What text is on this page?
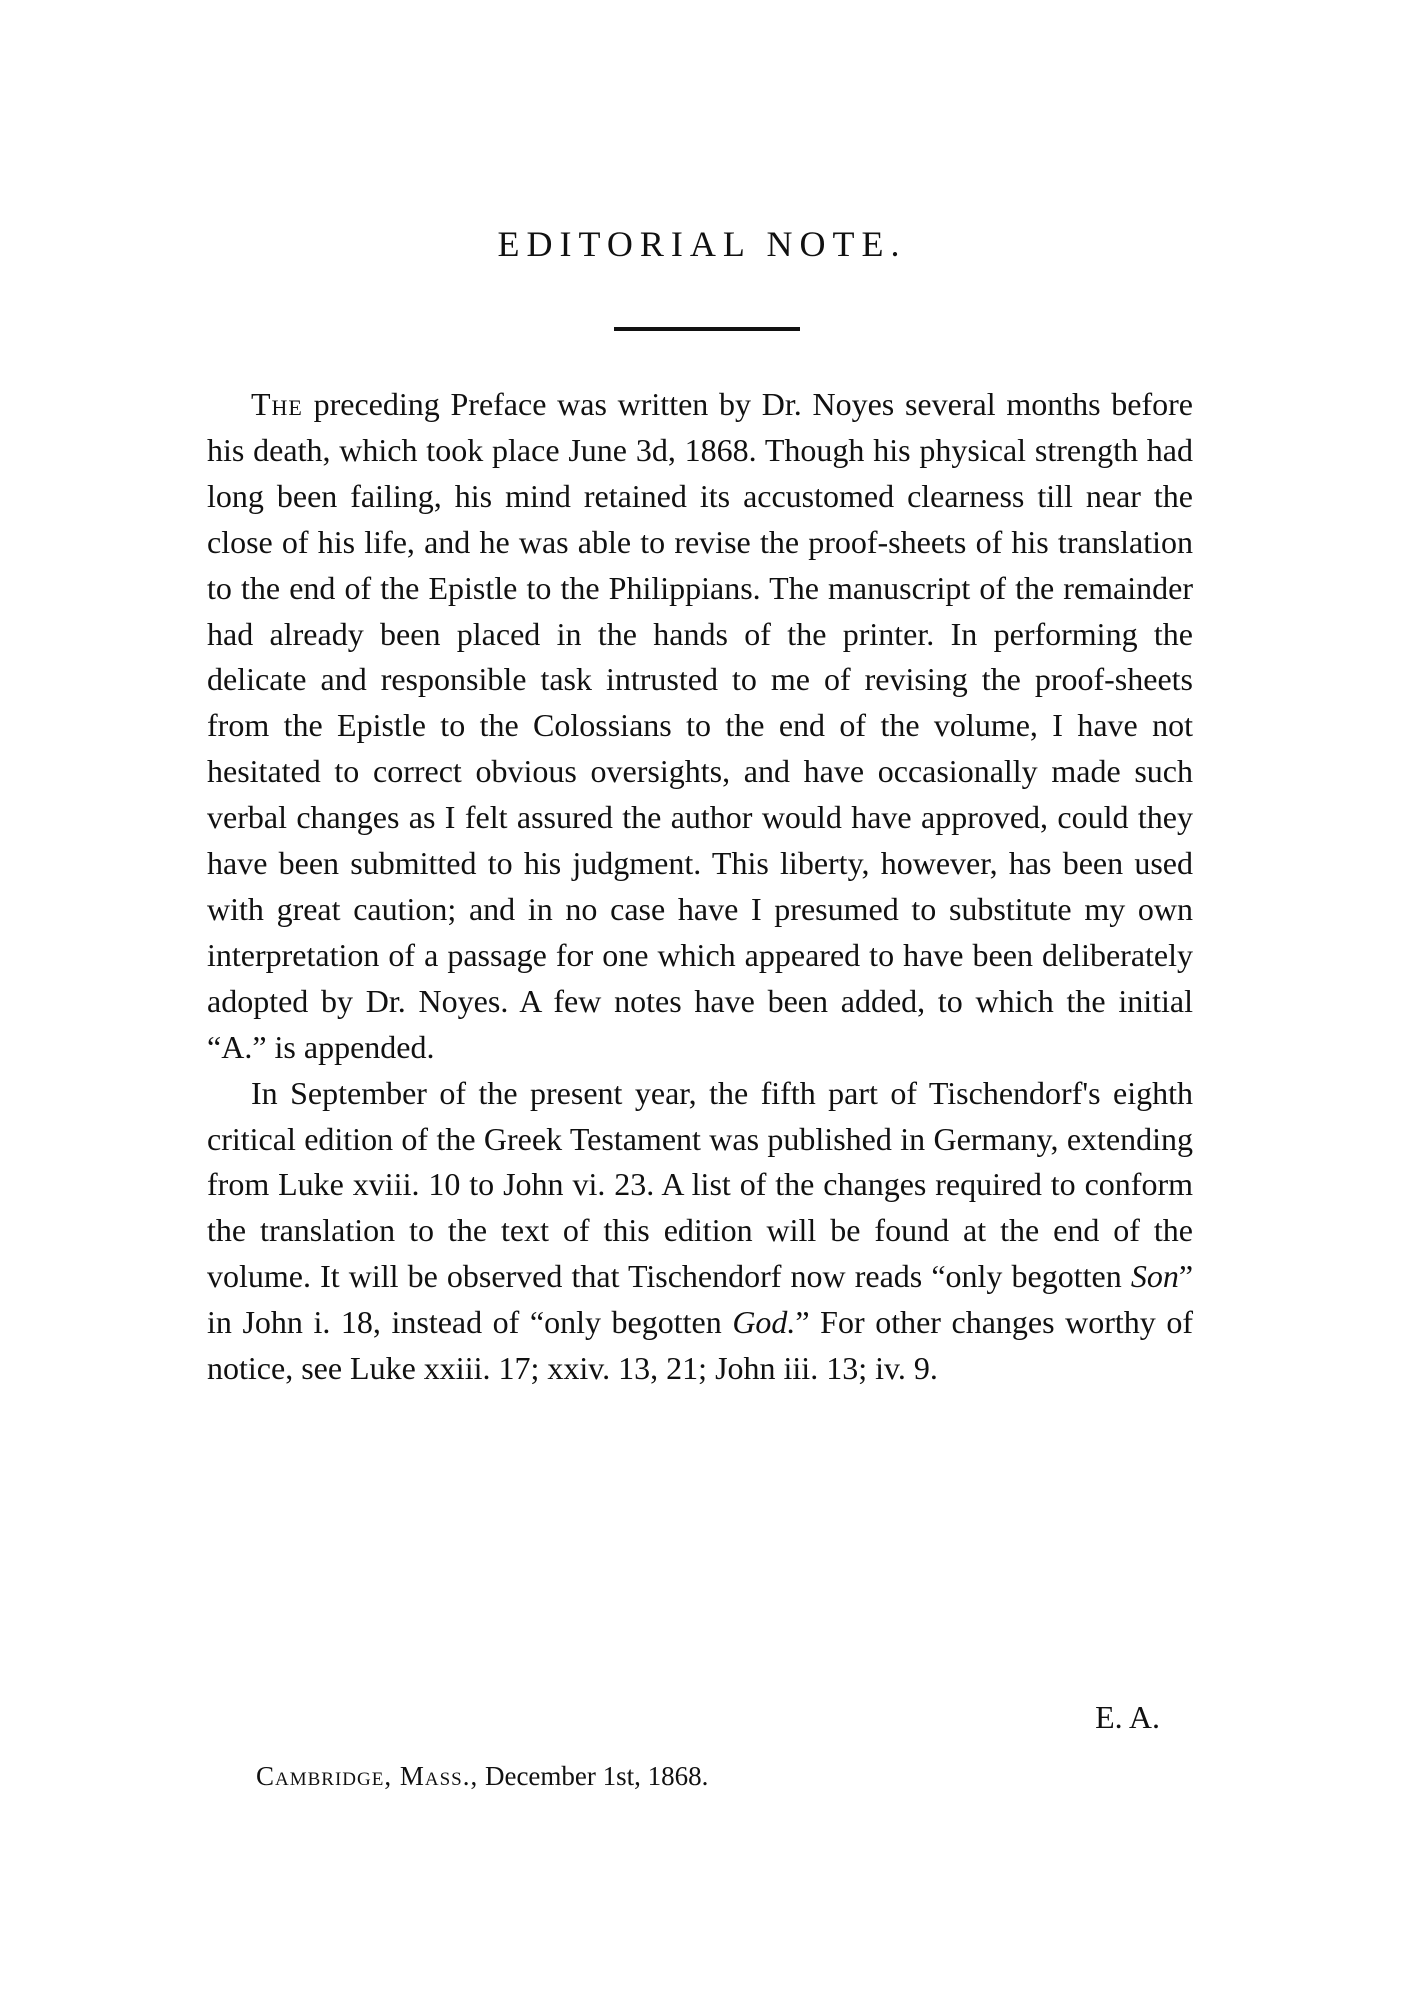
EDITORIAL NOTE.

The preceding Preface was written by Dr. Noyes several months before his death, which took place June 3d, 1868. Though his physical strength had long been failing, his mind retained its accustomed clearness till near the close of his life, and he was able to revise the proof-sheets of his translation to the end of the Epistle to the Philippians. The manuscript of the remainder had already been placed in the hands of the printer. In performing the delicate and responsible task intrusted to me of revising the proof-sheets from the Epistle to the Colossians to the end of the volume, I have not hesitated to correct obvious oversights, and have occasionally made such verbal changes as I felt assured the author would have approved, could they have been submitted to his judgment. This liberty, however, has been used with great caution; and in no case have I presumed to substitute my own interpretation of a passage for one which appeared to have been deliberately adopted by Dr. Noyes. A few notes have been added, to which the initial “A.” is appended.

In September of the present year, the fifth part of Tischendorf's eighth critical edition of the Greek Testament was published in Germany, extending from Luke xviii. 10 to John vi. 23. A list of the changes required to conform the translation to the text of this edition will be found at the end of the volume. It will be observed that Tischendorf now reads “only begotten Son” in John i. 18, instead of “only begotten God.” For other changes worthy of notice, see Luke xxiii. 17; xxiv. 13, 21; John iii. 13; iv. 9.

E. A.
Cambridge, Mass., December 1st, 1868.
